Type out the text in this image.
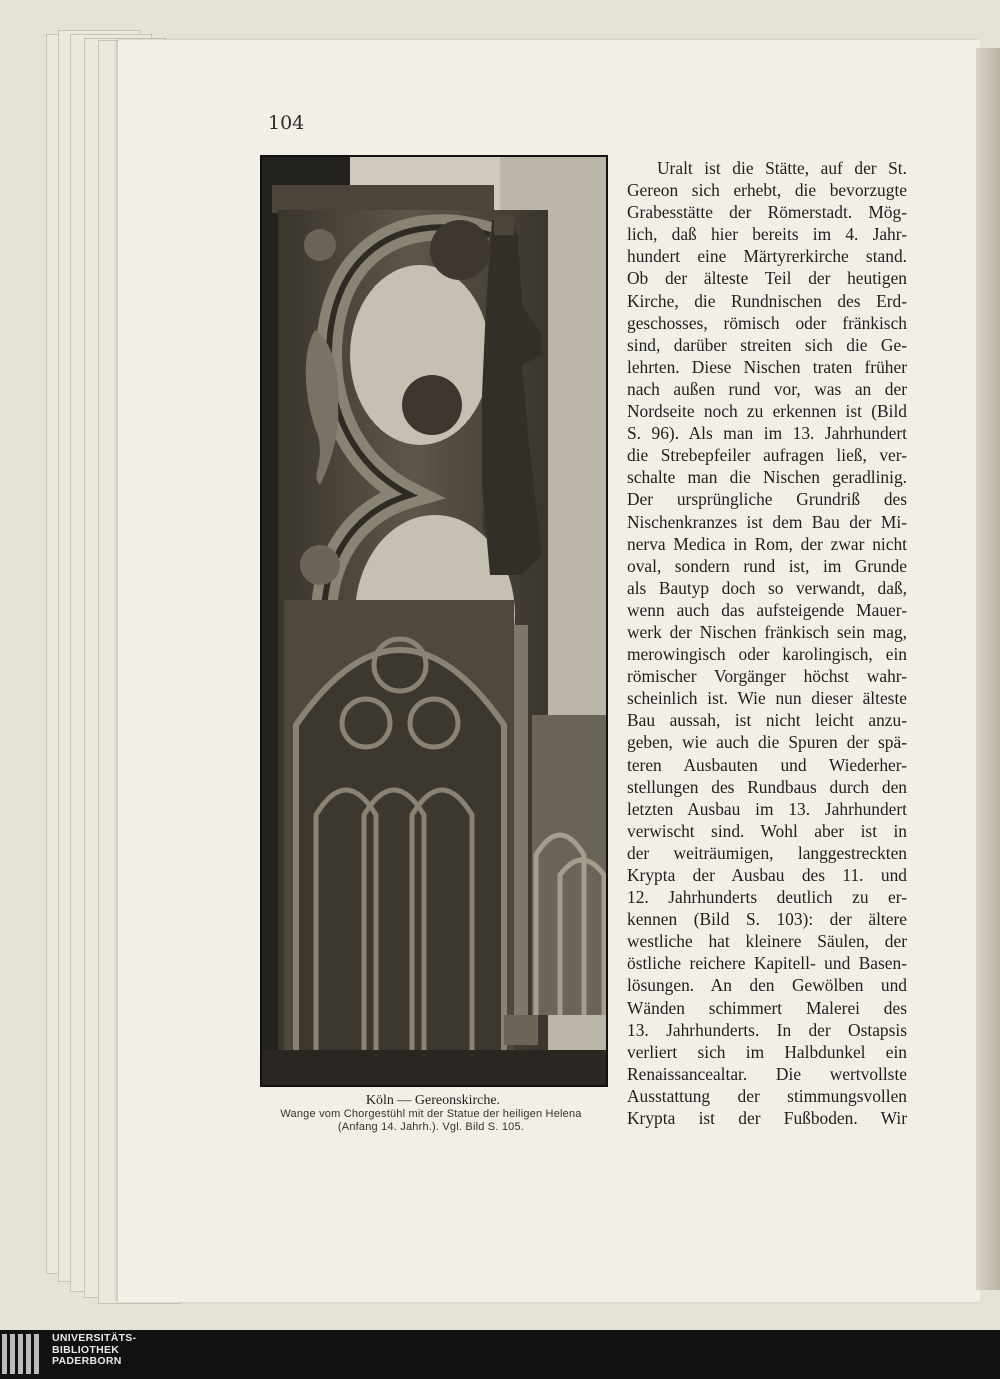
104
Köln — Gereonskirche.
Wange vom Chorgestühl mit der Statue der heiligen Helena
(Anfang 14. Jahrh.). Vgl. Bild S. 105.
Uralt ist die Stätte, auf der St.
Gereon sich erhebt, die bevorzugte
Grabesstätte der Römerstadt. Mög-
lich, daß hier bereits im 4. Jahr-
hundert eine Märtyrerkirche stand.
Ob der älteste Teil der heutigen
Kirche, die Rundnischen des Erd-
geschosses, römisch oder fränkisch
sind, darüber streiten sich die Ge-
lehrten. Diese Nischen traten früher
nach außen rund vor, was an der
Nordseite noch zu erkennen ist (Bild
S. 96). Als man im 13. Jahrhundert
die Strebepfeiler aufragen ließ, ver-
schalte man die Nischen geradlinig.
Der ursprüngliche Grundriß des
Nischenkranzes ist dem Bau der Mi-
nerva Medica in Rom, der zwar nicht
oval, sondern rund ist, im Grunde
als Bautyp doch so verwandt, daß,
wenn auch das aufsteigende Mauer-
werk der Nischen fränkisch sein mag,
merowingisch oder karolingisch, ein
römischer Vorgänger höchst wahr-
scheinlich ist. Wie nun dieser älteste
Bau aussah, ist nicht leicht anzu-
geben, wie auch die Spuren der spä-
teren Ausbauten und Wiederher-
stellungen des Rundbaus durch den
letzten Ausbau im 13. Jahrhundert
verwischt sind. Wohl aber ist in
der weiträumigen, langgestreckten
Krypta der Ausbau des 11. und
12. Jahrhunderts deutlich zu er-
kennen (Bild S. 103): der ältere
westliche hat kleinere Säulen, der
östliche reichere Kapitell- und Basen-
lösungen. An den Gewölben und
Wänden schimmert Malerei des
13. Jahrhunderts. In der Ostapsis
verliert sich im Halbdunkel ein
Renaissancealtar. Die wertvollste
Ausstattung der stimmungsvollen
Krypta ist der Fußboden. Wir
UNIVERSITÄTS-
BIBLIOTHEK
PADERBORN
